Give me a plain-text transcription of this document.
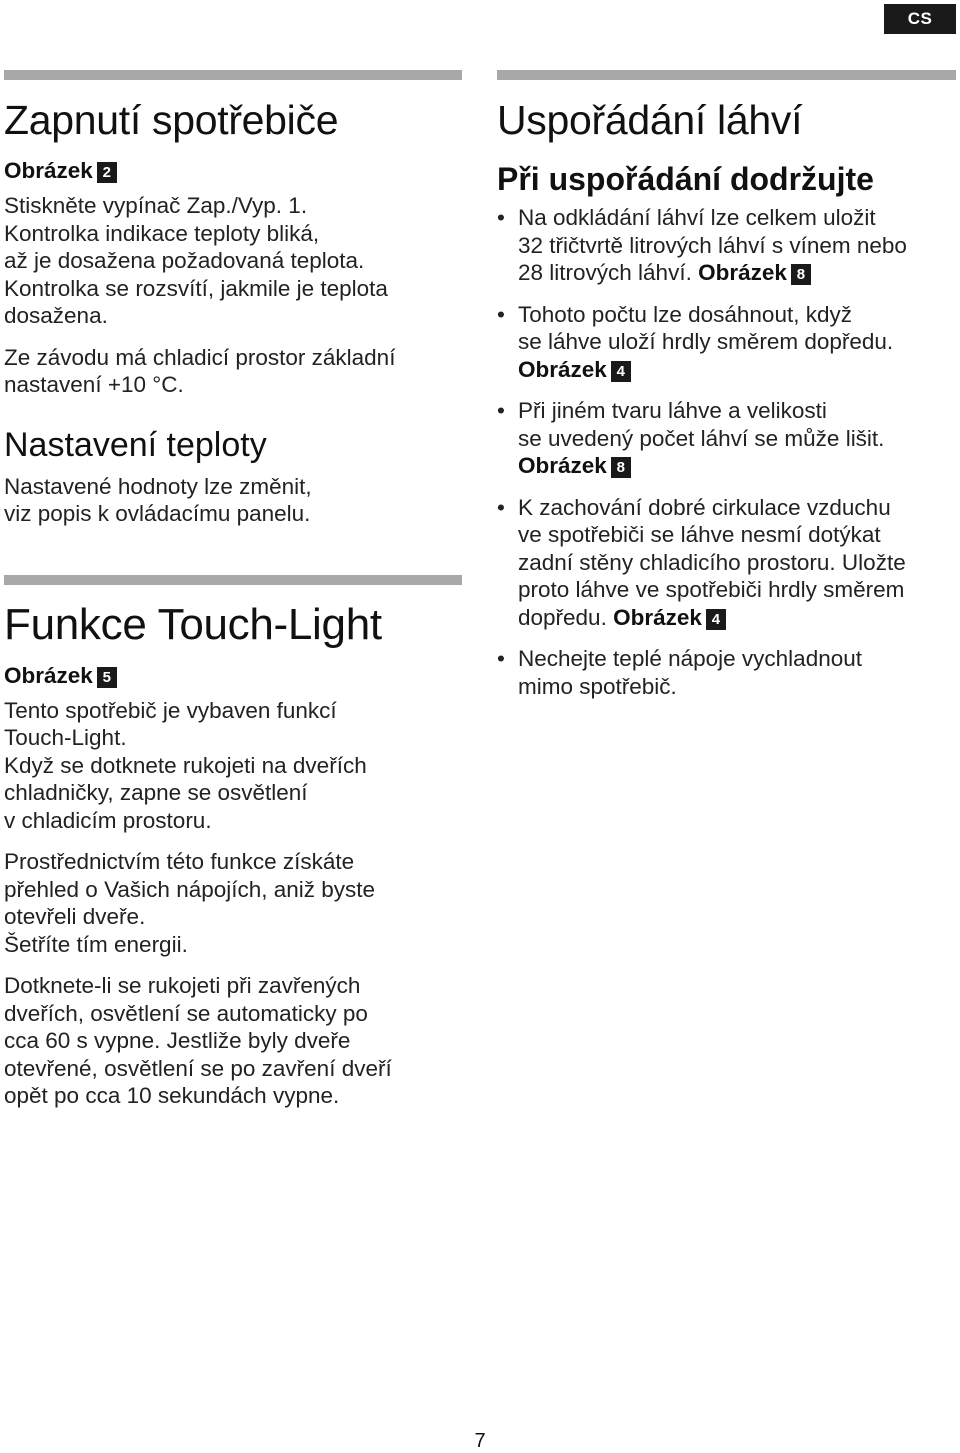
CS
Zapnutí spotřebiče
Obrázek 2

Stiskněte vypínač Zap./Vyp. 1.
Kontrolka indikace teploty bliká,
až je dosažena požadovaná teplota.
Kontrolka se rozsvítí, jakmile je teplota
dosažena.

Ze závodu má chladicí prostor základní
nastavení +10 °C.

Nastavení teploty

Nastavené hodnoty lze změnit,
viz popis k ovládacímu panelu.

Funkce Touch-Light
Obrázek 5

Tento spotřebič je vybaven funkcí
Touch-Light.
Když se dotknete rukojeti na dveřích
chladničky, zapne se osvětlení
v chladicím prostoru.

Prostřednictvím této funkce získáte
přehled o Vašich nápojích, aniž byste
otevřeli dveře.
Šetříte tím energii.

Dotknete-li se rukojeti při zavřených
dveřích, osvětlení se automaticky po
cca 60 s vypne. Jestliže byly dveře
otevřené, osvětlení se po zavření dveří
opět po cca 10 sekundách vypne.

Uspořádání láhví
Při uspořádání dodržujte
• Na odkládání láhví lze celkem uložit
32 třičtvrtě litrových láhví s vínem nebo
28 litrových láhví. Obrázek 8
• Tohoto počtu lze dosáhnout, když
se láhve uloží hrdly směrem dopředu.
Obrázek 4
• Při jiném tvaru láhve a velikosti
se uvedený počet láhví se může lišit.
Obrázek 8
• K zachování dobré cirkulace vzduchu
ve spotřebiči se láhve nesmí dotýkat
zadní stěny chladicího prostoru. Uložte
proto láhve ve spotřebiči hrdly směrem
dopředu. Obrázek 4
• Nechejte teplé nápoje vychladnout
mimo spotřebič.
7
